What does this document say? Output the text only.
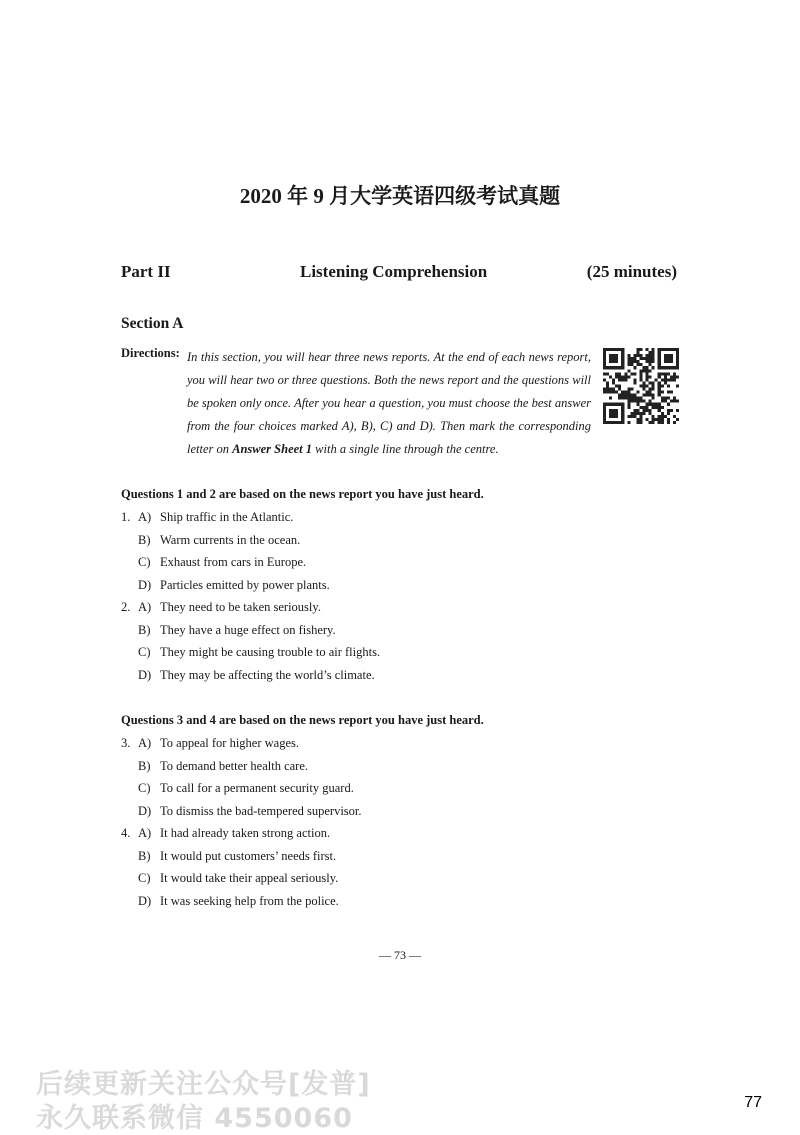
2020 年 9 月大学英语四级考试真题
Part II	Listening Comprehension	(25 minutes)
Section A
Directions: In this section, you will hear three news reports. At the end of each news report, you will hear two or three questions. Both the news report and the questions will be spoken only once. After you hear a question, you must choose the best answer from the four choices marked A), B), C) and D). Then mark the corresponding letter on Answer Sheet 1 with a single line through the centre.
Questions 1 and 2 are based on the news report you have just heard.
1. A) Ship traffic in the Atlantic.
B) Warm currents in the ocean.
C) Exhaust from cars in Europe.
D) Particles emitted by power plants.
2. A) They need to be taken seriously.
B) They have a huge effect on fishery.
C) They might be causing trouble to air flights.
D) They may be affecting the world’s climate.
Questions 3 and 4 are based on the news report you have just heard.
3. A) To appeal for higher wages.
B) To demand better health care.
C) To call for a permanent security guard.
D) To dismiss the bad-tempered supervisor.
4. A) It had already taken strong action.
B) It would put customers’ needs first.
C) It would take their appeal seriously.
D) It was seeking help from the police.
— 73 —
后续更新关注公众号[发普]
永久联系微信 4550060
77
